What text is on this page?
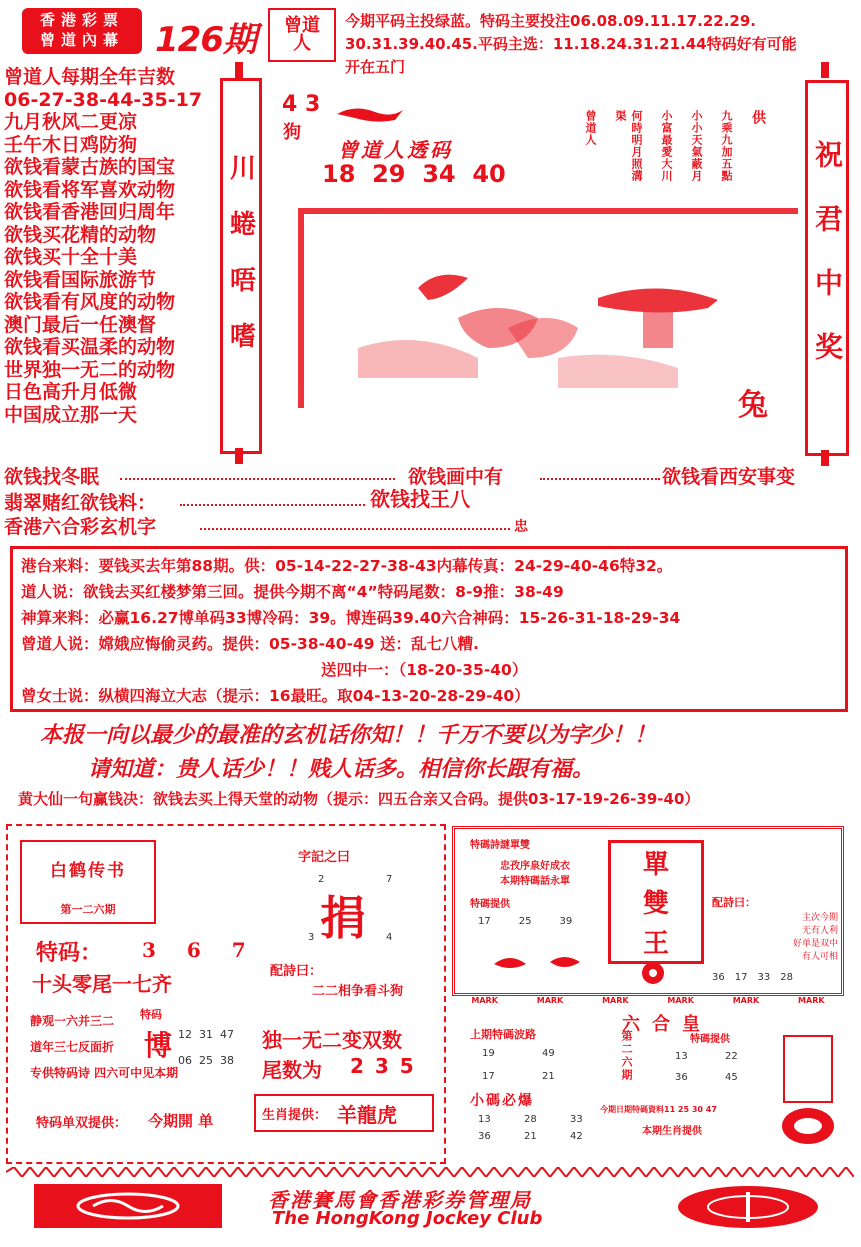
香港彩票
曾道內幕 126期 曾道人
今期平码主投绿蓝。特码主要投注06.08.09.11.17.22.29.
30.31.39.40.45.平码主选：11.18.24.31.21.44特码好有可能
开在五门
曾道人每期全年吉数
06-27-38-44-35-17
九月秋风二更凉
壬午木日鸡防狗
欲钱看蒙古族的国宝
欲钱看将军喜欢动物
欲钱看香港回归周年
欲钱买花精的动物
欲钱买十全十美
欲钱看国际旅游节
欲钱看有风度的动物
澳门最后一任澳督
欲钱看买温柔的动物
世界独一无二的动物
日色高升月低微
中国成立那一天
川蜷唔嗜
4 3
狗
曾道人透码
18  29  34  40
供
九乘九加五點
小小天氣蔽月
小富最愛大川
何時明月照溝渠
曾道人
兔
祝君中奖
欲钱找冬眠	欲钱画中有	欲钱看西安事变
翡翠赌红欲钱料：	欲钱找王八
香港六合彩玄机字	忠
港台来料：要钱买去年第88期。供：05-14-22-27-38-43内幕传真：24-29-40-46特32。
道人说：欲钱去买红楼梦第三回。提供今期不离“4”特码尾数：8-9推：38-49
神算来料：必赢16.27博单码33博冷码：39。博连码39.40六合神码：15-26-31-18-29-34
曾道人说：嫦娥应悔偷灵药。提供：05-38-40-49 送：乱七八糟.
送四中一：（18-20-35-40）
曾女士说：纵横四海立大志（提示：16最旺。取04-13-20-28-29-40）
本报一向以最少的最准的玄机话你知！！千万不要以为字少！！
请知道：贵人话少！！贱人话多。相信你长跟有福。
黄大仙一句赢钱决：欲钱去买上得天堂的动物（提示：四五合亲又合码。提供03-17-19-26-39-40）
白鹤传书
第一二六期
特码： 3 6 7
十头零尾一七齐
字記之曰
2	7
捐
3	4
配詩曰：
二二相争看斗狗
静观一六并三二
道年三七反面折
专供特码诗 四六可中见本期
特码单双提供： 今期開 单
特码
博 12  31  47
06  25  38
独一无二变双数
尾数为 2 3 5
生肖提供： 羊龍虎
特碼詩謎單雙
忠孜序泉好成衣
本期特碼話永單
特碼提供
17	25	39
單
雙
王
配詩曰：
主次今期
无有人利
好单是双中
有人可相
36 17 33 28
MARK	MARK	MARK	MARK	MARK	MARK
六合皇
上期特碼波路
19	49
17	21
小碼必爆
13	28	33
36	21	42
第二六期	特碼提供
13	22
36	45
今期日期特碼資料11 25 30 47
本期生肖提供
香港賽馬會香港彩券管理局
The HongKong Jockey Club
